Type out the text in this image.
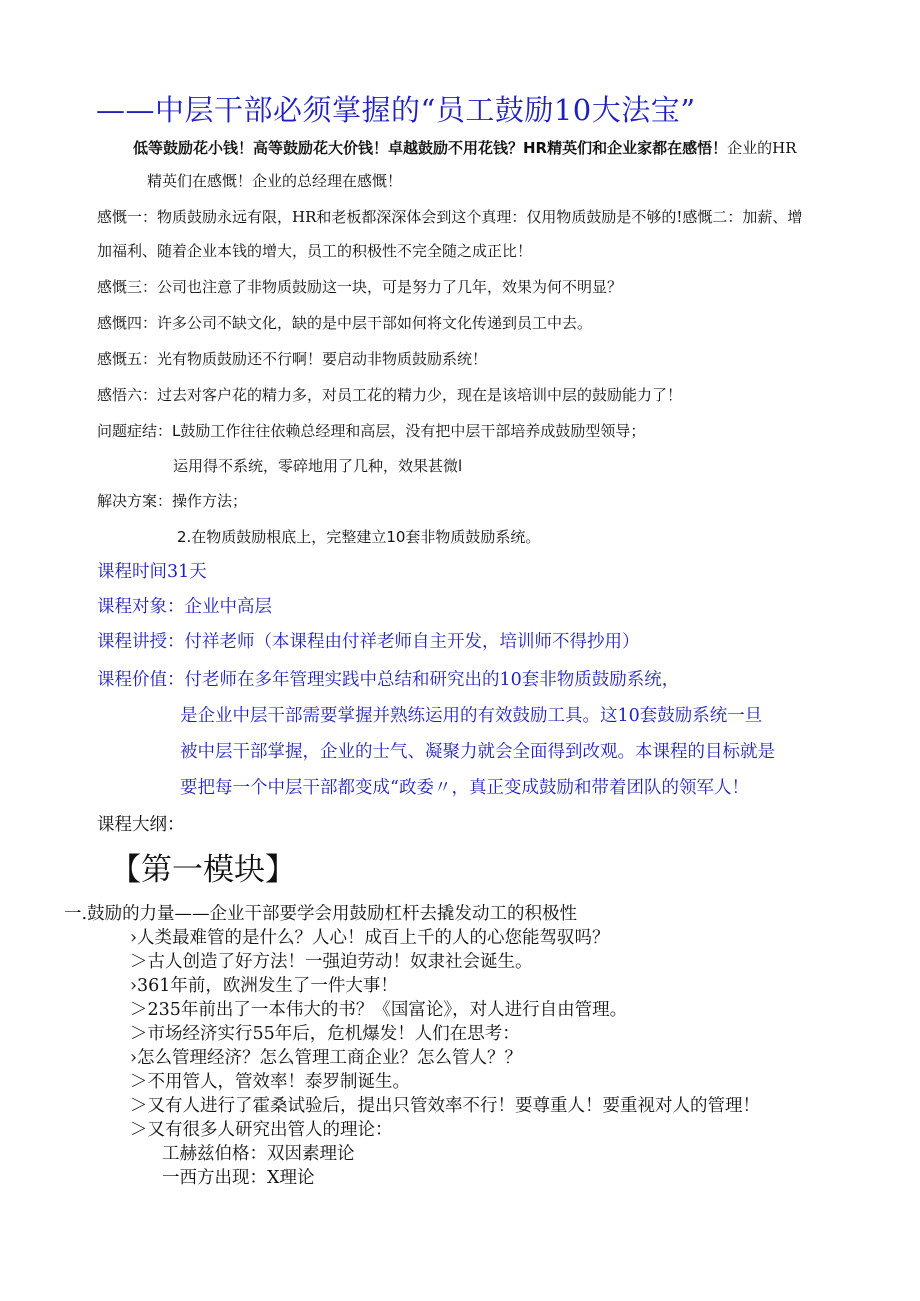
——中层干部必须掌握的“员工鼓励10大法宝”
低等鼓励花小钱！高等鼓励花大价钱！卓越鼓励不用花钱？HR精英们和企业家都在感悟！企业的HR
精英们在感慨！企业的总经理在感慨！
感慨一：物质鼓励永远有限，HR和老板都深深体会到这个真理：仅用物质鼓励是不够的!感慨二：加薪、增
加福利、随着企业本钱的增大，员工的积极性不完全随之成正比！
感慨三：公司也注意了非物质鼓励这一块，可是努力了几年，效果为何不明显？
感慨四：许多公司不缺文化，缺的是中层干部如何将文化传递到员工中去。
感慨五：光有物质鼓励还不行啊！要启动非物质鼓励系统！
感悟六：过去对客户花的精力多，对员工花的精力少，现在是该培训中层的鼓励能力了！
问题症结：L鼓励工作往往依赖总经理和高层，没有把中层干部培养成鼓励型领导；
运用得不系统，零碎地用了几种，效果甚微l
解决方案：操作方法；
2.在物质鼓励根底上，完整建立10套非物质鼓励系统。
课程时间31天
课程对象：企业中高层
课程讲授：付祥老师（本课程由付祥老师自主开发，培训师不得抄用）
课程价值：付老师在多年管理实践中总结和研究出的10套非物质鼓励系统，
是企业中层干部需要掌握并熟练运用的有效鼓励工具。这10套鼓励系统一旦
被中层干部掌握，企业的士气、凝聚力就会全面得到改观。本课程的目标就是
要把每一个中层干部都变成“政委〃，真正变成鼓励和带着团队的领军人！
课程大纲：
【第一模块】
一.鼓励的力量——企业干部要学会用鼓励杠杆去撬发动工的积极性
›人类最难管的是什么？人心！成百上千的人的心您能驾驭吗？
＞古人创造了好方法！一强迫劳动！奴隶社会诞生。
›361年前，欧洲发生了一件大事！
＞235年前出了一本伟大的书？《国富论》，对人进行自由管理。
＞市场经济实行55年后，危机爆发！人们在思考：
›怎么管理经济？怎么管理工商企业？怎么管人？？
＞不用管人，管效率！泰罗制诞生。
＞又有人进行了霍桑试验后，提出只管效率不行！要尊重人！要重视对人的管理！
＞又有很多人研究出管人的理论：
工赫兹伯格：双因素理论
一西方出现：X理论
